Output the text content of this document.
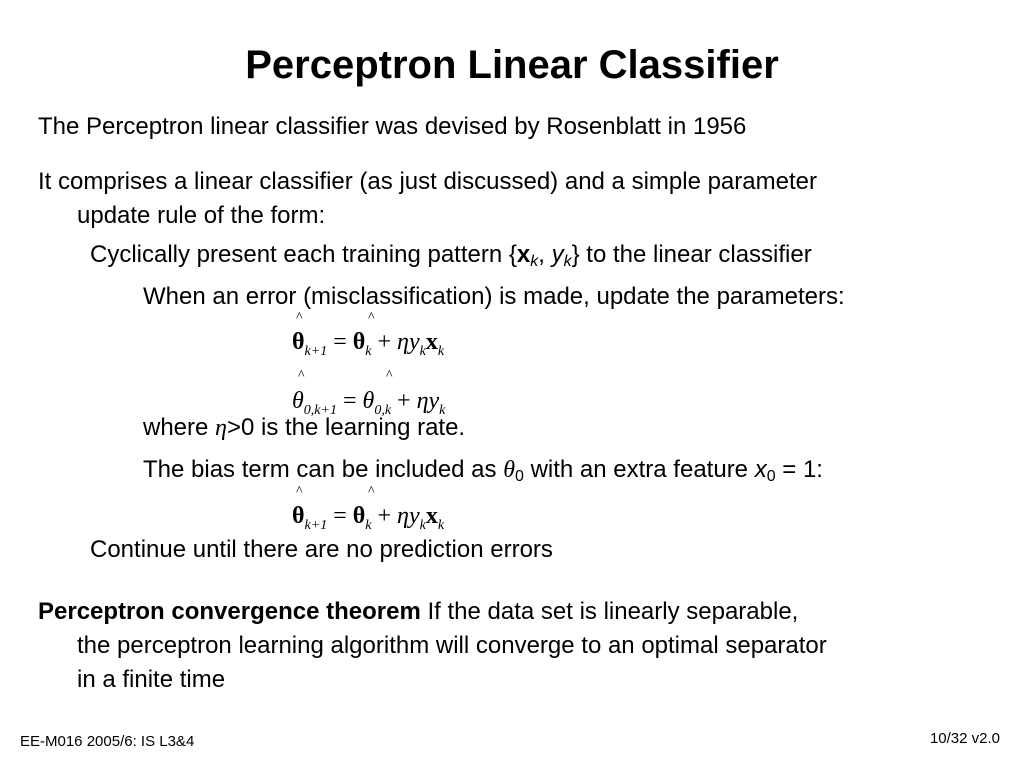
Perceptron Linear Classifier
The Perceptron linear classifier was devised by Rosenblatt in 1956
It comprises a linear classifier (as just discussed) and a simple parameter
update rule of the form:
Cyclically present each training pattern {xk, yk} to the linear classifier
When an error (misclassification) is made, update the parameters:
^	^
$\theta_{k+1} = \theta_k + \eta y_kx_k$
^	^
$\theta_{0,k+1} = \theta_{0,k} + \eta y_k$
where η>0 is the learning rate.
The bias term can be included as θ0 with an extra feature x0 = 1:
^	^
$\theta_{k+1} = \theta_k + \eta y_kx_k$
Continue until there are no prediction errors
Perceptron convergence theorem If the data set is linearly separable,
the perceptron learning algorithm will converge to an optimal separator
in a finite time
EE-M016 2005/6: IS L3&4	10/32 v2.0
